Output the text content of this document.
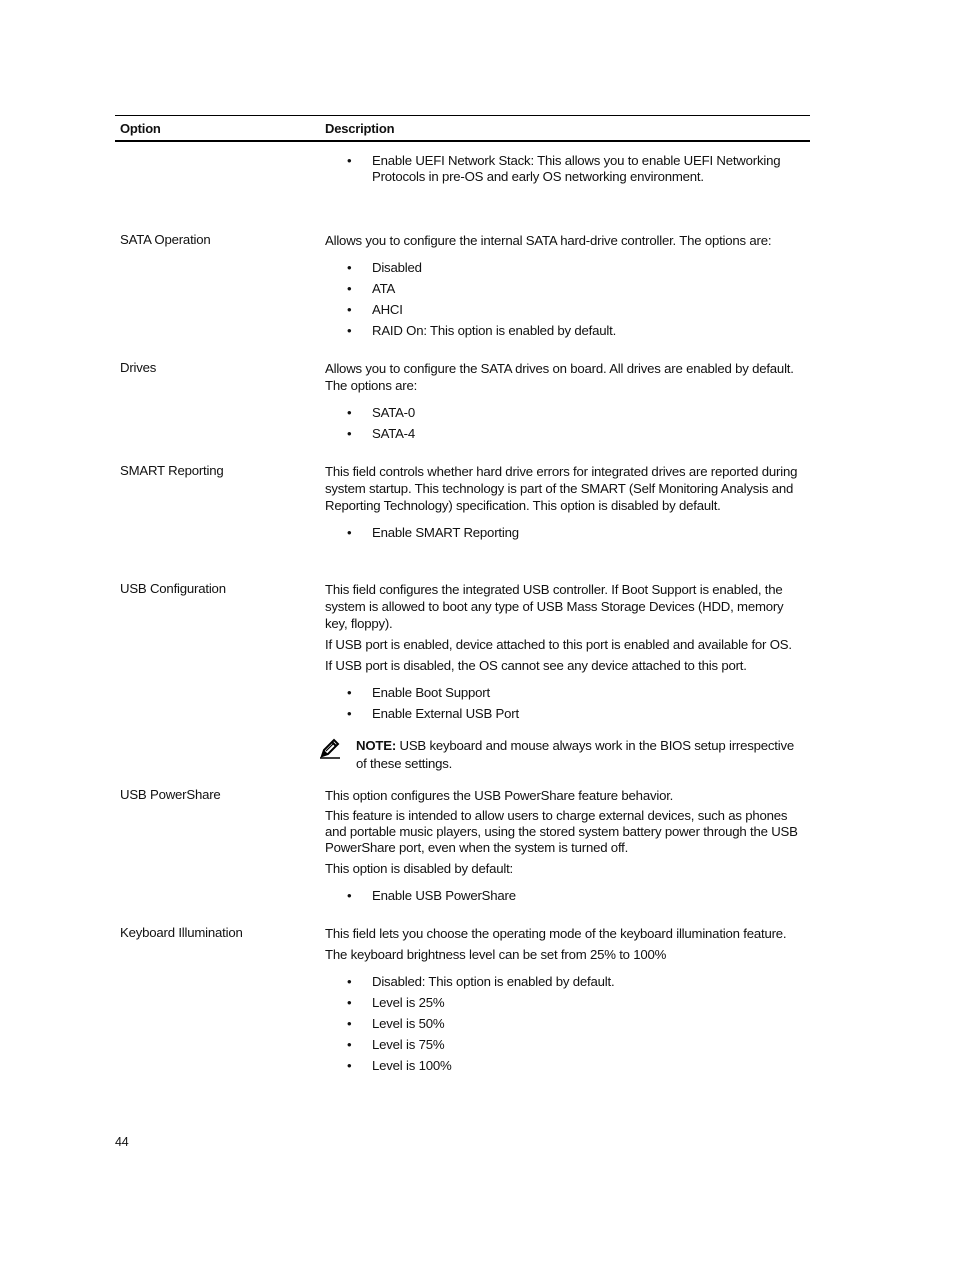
Option	Description
• Enable UEFI Network Stack: This allows you to enable UEFI Networking Protocols in pre-OS and early OS networking environment.
SATA Operation	Allows you to configure the internal SATA hard-drive controller. The options are:

• Disabled
• ATA
• AHCI
• RAID On: This option is enabled by default.
Drives	Allows you to configure the SATA drives on board. All drives are enabled by default. The options are:

• SATA-0
• SATA-4
SMART Reporting	This field controls whether hard drive errors for integrated drives are reported during system startup. This technology is part of the SMART (Self Monitoring Analysis and Reporting Technology) specification. This option is disabled by default.

• Enable SMART Reporting
USB Configuration	This field configures the integrated USB controller. If Boot Support is enabled, the system is allowed to boot any type of USB Mass Storage Devices (HDD, memory key, floppy).

If USB port is enabled, device attached to this port is enabled and available for OS.

If USB port is disabled, the OS cannot see any device attached to this port.

• Enable Boot Support
• Enable External USB Port
NOTE: USB keyboard and mouse always work in the BIOS setup irrespective of these settings.
USB PowerShare	This option configures the USB PowerShare feature behavior.

This feature is intended to allow users to charge external devices, such as phones and portable music players, using the stored system battery power through the USB PowerShare port, even when the system is turned off.

This option is disabled by default:

• Enable USB PowerShare
Keyboard Illumination	This field lets you choose the operating mode of the keyboard illumination feature.

The keyboard brightness level can be set from 25% to 100%

• Disabled: This option is enabled by default.
• Level is 25%
• Level is 50%
• Level is 75%
• Level is 100%
44
